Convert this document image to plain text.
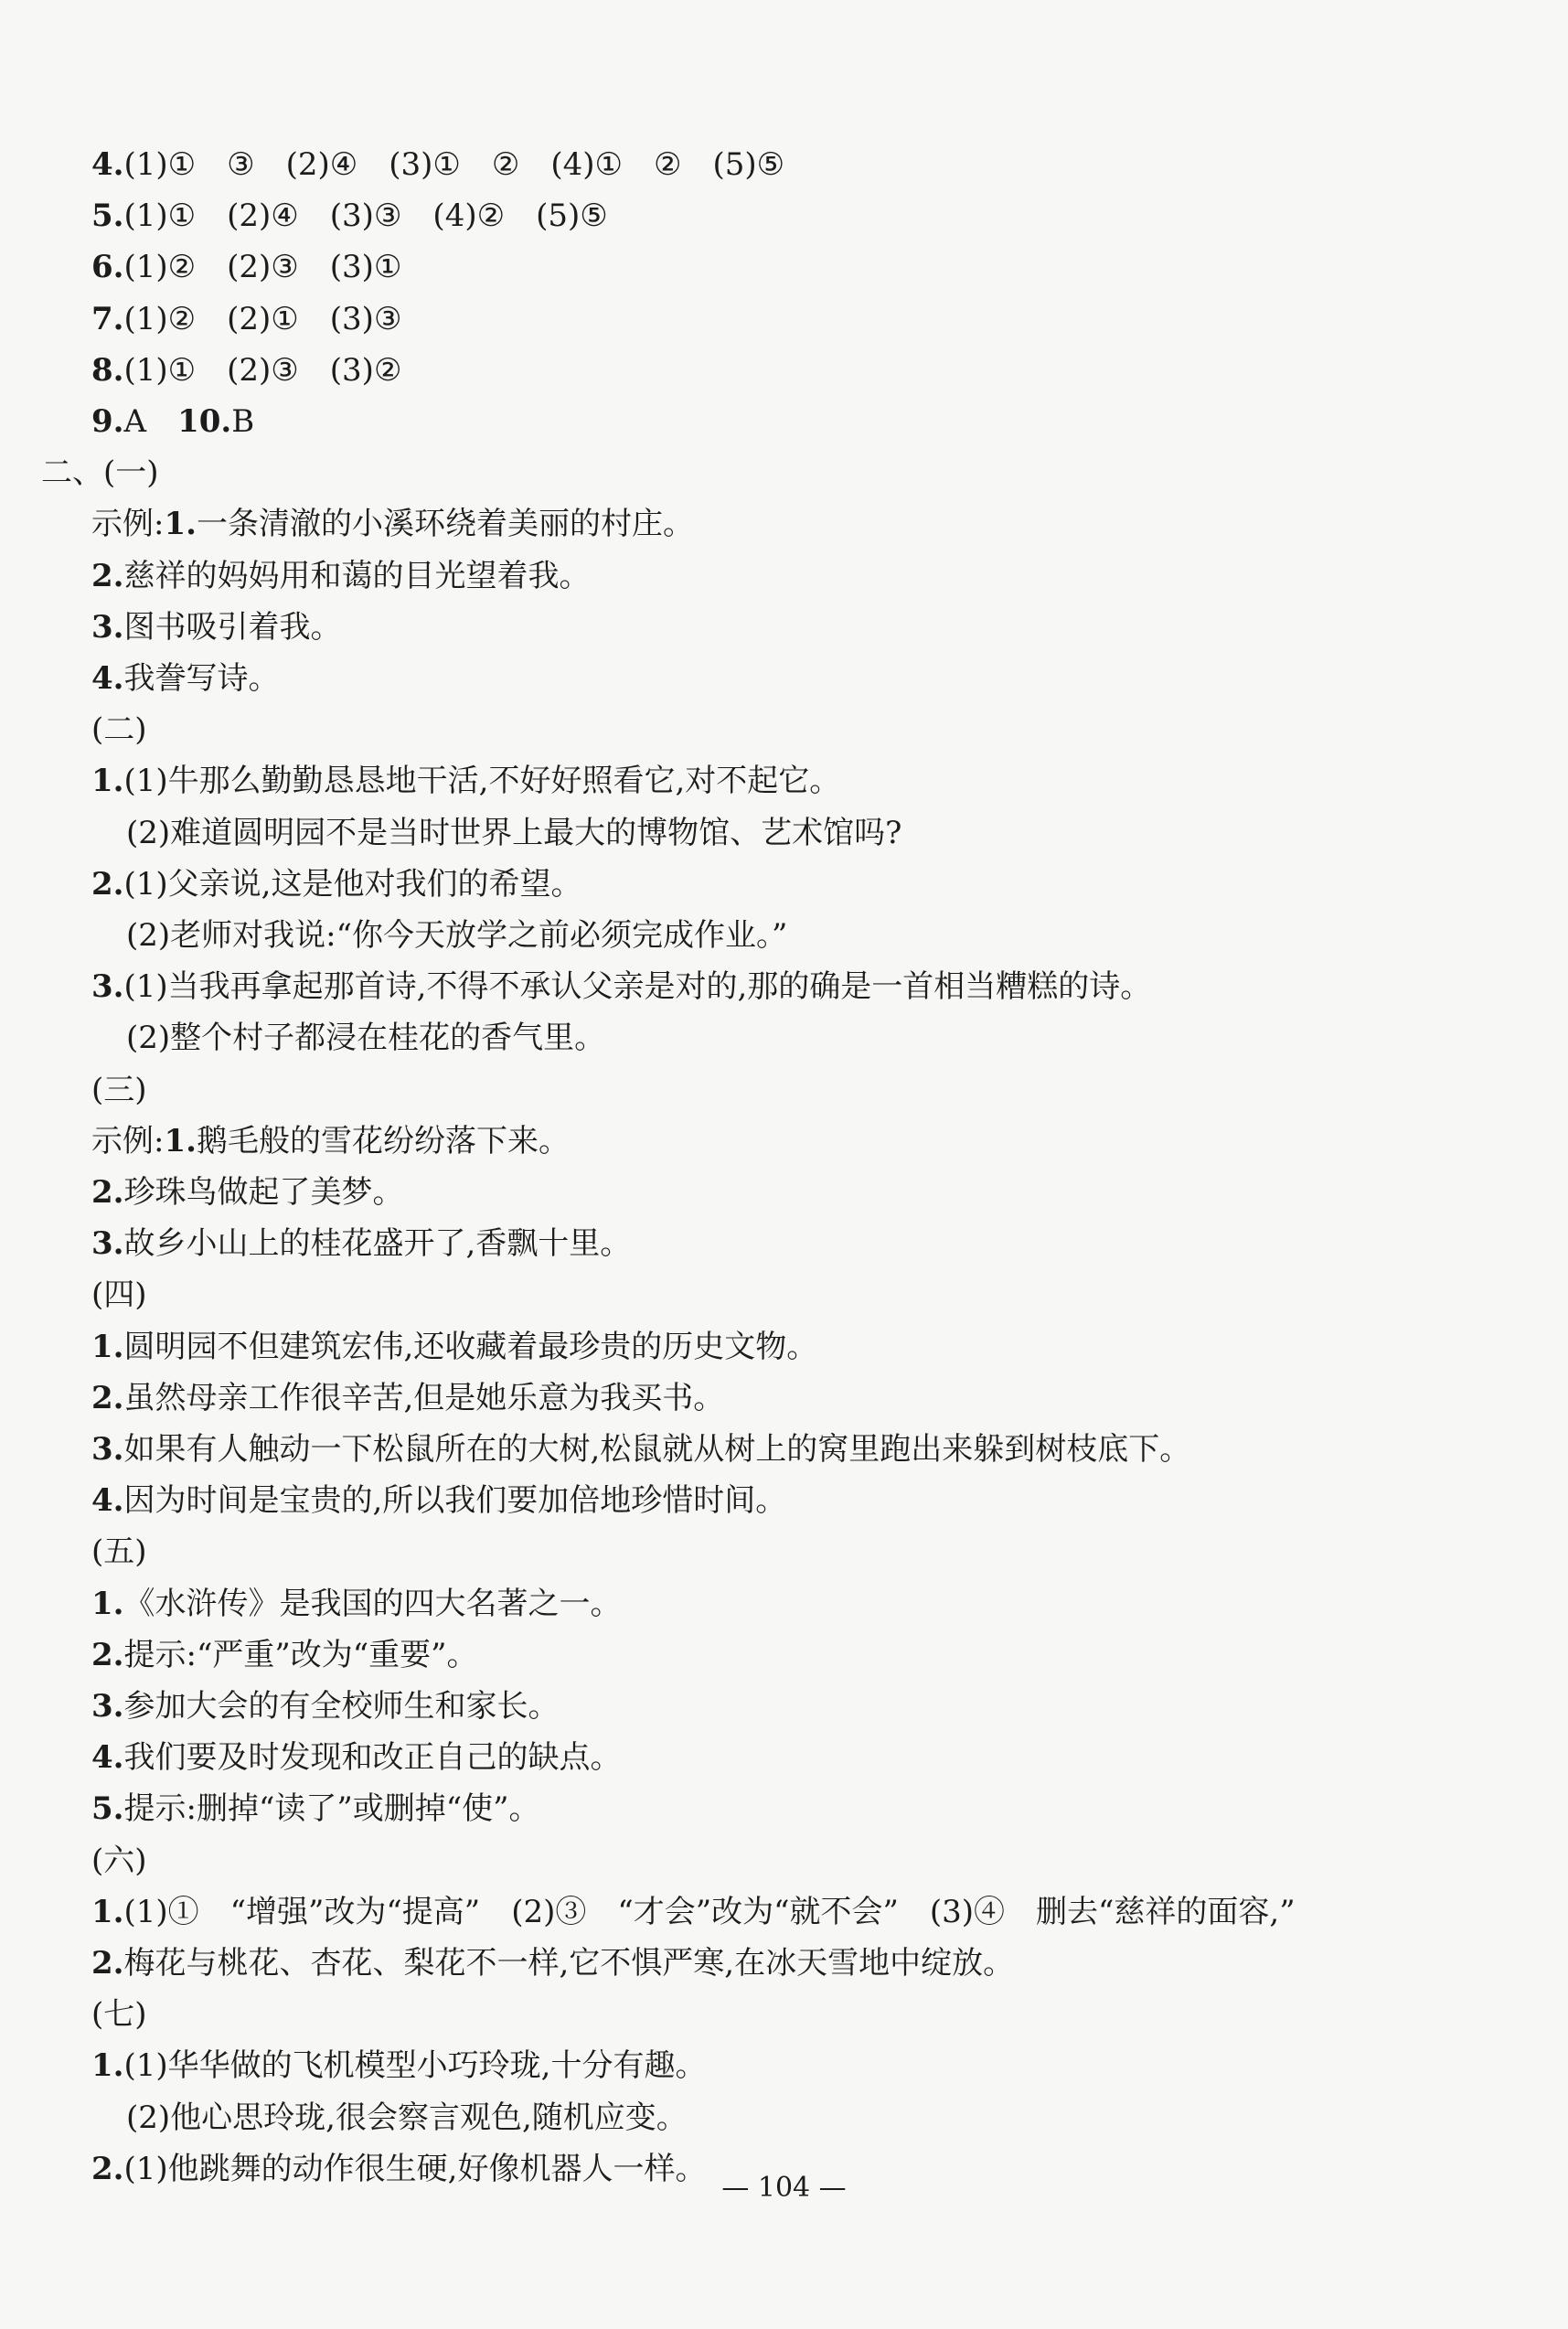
4.(1)①　③　(2)④　(3)①　②　(4)①　②　(5)⑤
5.(1)①　(2)④　(3)③　(4)②　(5)⑤
6.(1)②　(2)③　(3)①
7.(1)②　(2)①　(3)③
8.(1)①　(2)③　(3)②
9.A　10.B
二、(一)
示例:1.一条清澈的小溪环绕着美丽的村庄。
2.慈祥的妈妈用和蔼的目光望着我。
3.图书吸引着我。
4.我誊写诗。
(二)
1.(1)牛那么勤勤恳恳地干活,不好好照看它,对不起它。
(2)难道圆明园不是当时世界上最大的博物馆、艺术馆吗?
2.(1)父亲说,这是他对我们的希望。
(2)老师对我说:“你今天放学之前必须完成作业。”
3.(1)当我再拿起那首诗,不得不承认父亲是对的,那的确是一首相当糟糕的诗。
(2)整个村子都浸在桂花的香气里。
(三)
示例:1.鹅毛般的雪花纷纷落下来。
2.珍珠鸟做起了美梦。
3.故乡小山上的桂花盛开了,香飘十里。
(四)
1.圆明园不但建筑宏伟,还收藏着最珍贵的历史文物。
2.虽然母亲工作很辛苦,但是她乐意为我买书。
3.如果有人触动一下松鼠所在的大树,松鼠就从树上的窝里跑出来躲到树枝底下。
4.因为时间是宝贵的,所以我们要加倍地珍惜时间。
(五)
1.《水浒传》是我国的四大名著之一。
2.提示:“严重”改为“重要”。
3.参加大会的有全校师生和家长。
4.我们要及时发现和改正自己的缺点。
5.提示:删掉“读了”或删掉“使”。
(六)
1.(1)①　“增强”改为“提高”　(2)③　“才会”改为“就不会”　(3)④　删去“慈祥的面容,”
2.梅花与桃花、杏花、梨花不一样,它不惧严寒,在冰天雪地中绽放。
(七)
1.(1)华华做的飞机模型小巧玲珑,十分有趣。
(2)他心思玲珑,很会察言观色,随机应变。
2.(1)他跳舞的动作很生硬,好像机器人一样。
— 104 —
